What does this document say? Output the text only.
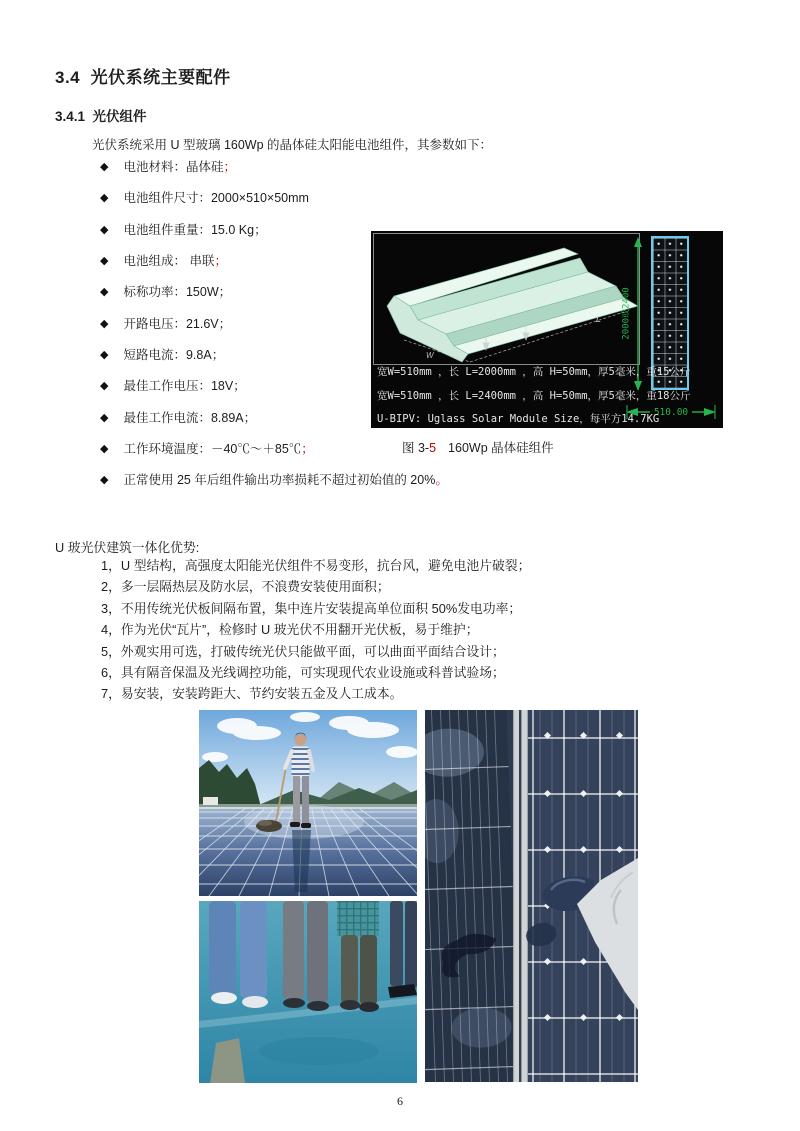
3.4  光伏系统主要配件
3.4.1  光伏组件

光伏系统采用 U 型玻璃 160Wp 的晶体硅太阳能电池组件，其参数如下：

◆ 电池材料：晶体硅 ；
◆ 电池组件尺寸：2000×510×50mm
◆ 电池组件重量：15.0 Kg ；
◆ 电池组成： 串联 ；
◆ 标称功率：150W ；
◆ 开路电压：21.6V ；
◆ 短路电流：9.8A ；
◆ 最佳工作电压：18V ；
◆ 最佳工作电流：8.89A ；
◆ 工作环境温度：－40℃～＋85℃ ；
◆ 正常使用 25 年后组件输出功率损耗不超过初始值的 20% 。
L
W
2000或2400
510.00
宽W=510mm ，长 L=2000mm ，高 H=50mm，厚5毫米，重15公斤
宽W=510mm ，长 L=2400mm ，高 H=50mm，厚5毫米，重18公斤
U-BIPV: Uglass Solar Module Size，每平方14.7KG
图 3-5 160Wp 晶体硅组件
U 玻光伏建筑一体化优势:
1，U 型结构，高强度太阳能光伏组件不易变形，抗台风，避免电池片破裂；
2，多一层隔热层及防水层，不浪费安装使用面积；
3，不用传统光伏板间隔布置，集中连片安装提高单位面积 50%发电功率；
4，作为光伏“瓦片”，检修时 U 玻光伏不用翻开光伏板，易于维护；
5，外观实用可选，打破传统光伏只能做平面，可以曲面平面结合设计；
6，具有隔音保温及光线调控功能，可实现现代农业设施或科普试验场；
7，易安装，安装跨距大、节约安装五金及人工成本。
6
